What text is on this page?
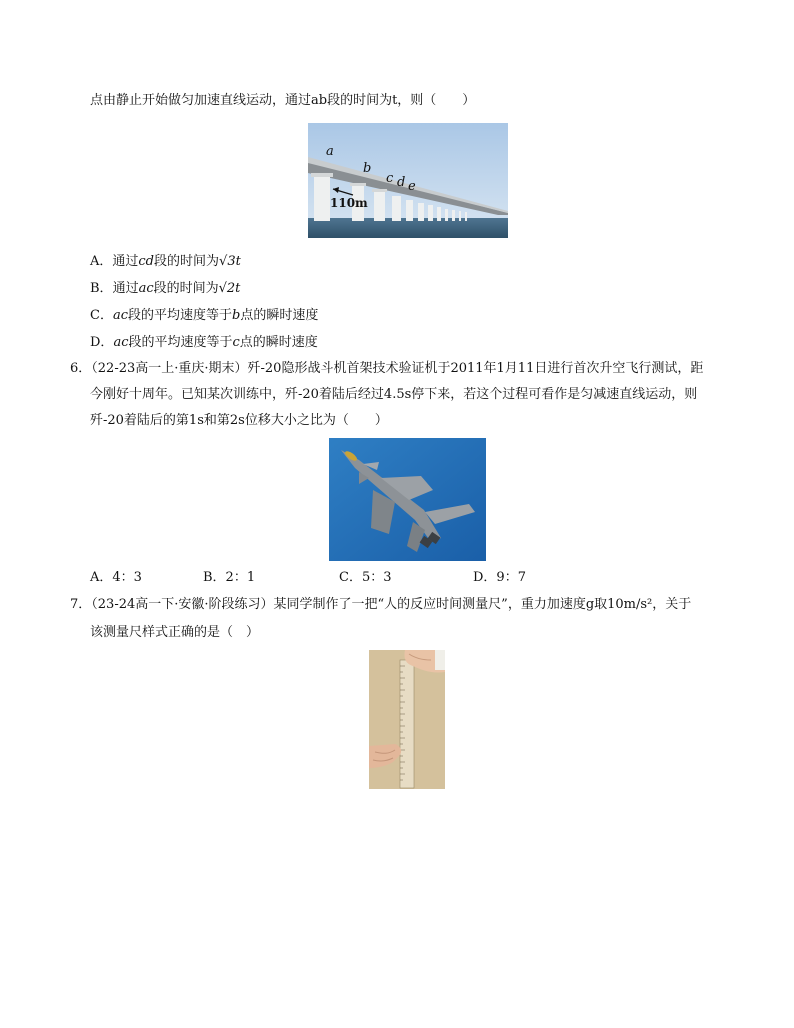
点由静止开始做匀加速直线运动，通过ab段的时间为t，则（　　）
a
b
c d e
110m
A．通过cd段的时间为√3t
B．通过ac段的时间为√2t
C．ac段的平均速度等于b点的瞬时速度
D．ac段的平均速度等于c点的瞬时速度
6．（22-23高一上·重庆·期末）歼-20隐形战斗机首架技术验证机于2011年1月11日进行首次升空飞行测试，距
今刚好十周年。已知某次训练中，歼-20着陆后经过4.5s停下来，若这个过程可看作是匀减速直线运动，则
歼-20着陆后的第1s和第2s位移大小之比为（　　）
A．4：3	B．2：1	C．5：3	D．9：7
7．（23-24高一下·安徽·阶段练习）某同学制作了一把“人的反应时间测量尺”，重力加速度g取10m/s²，关于
该测量尺样式正确的是（　）
